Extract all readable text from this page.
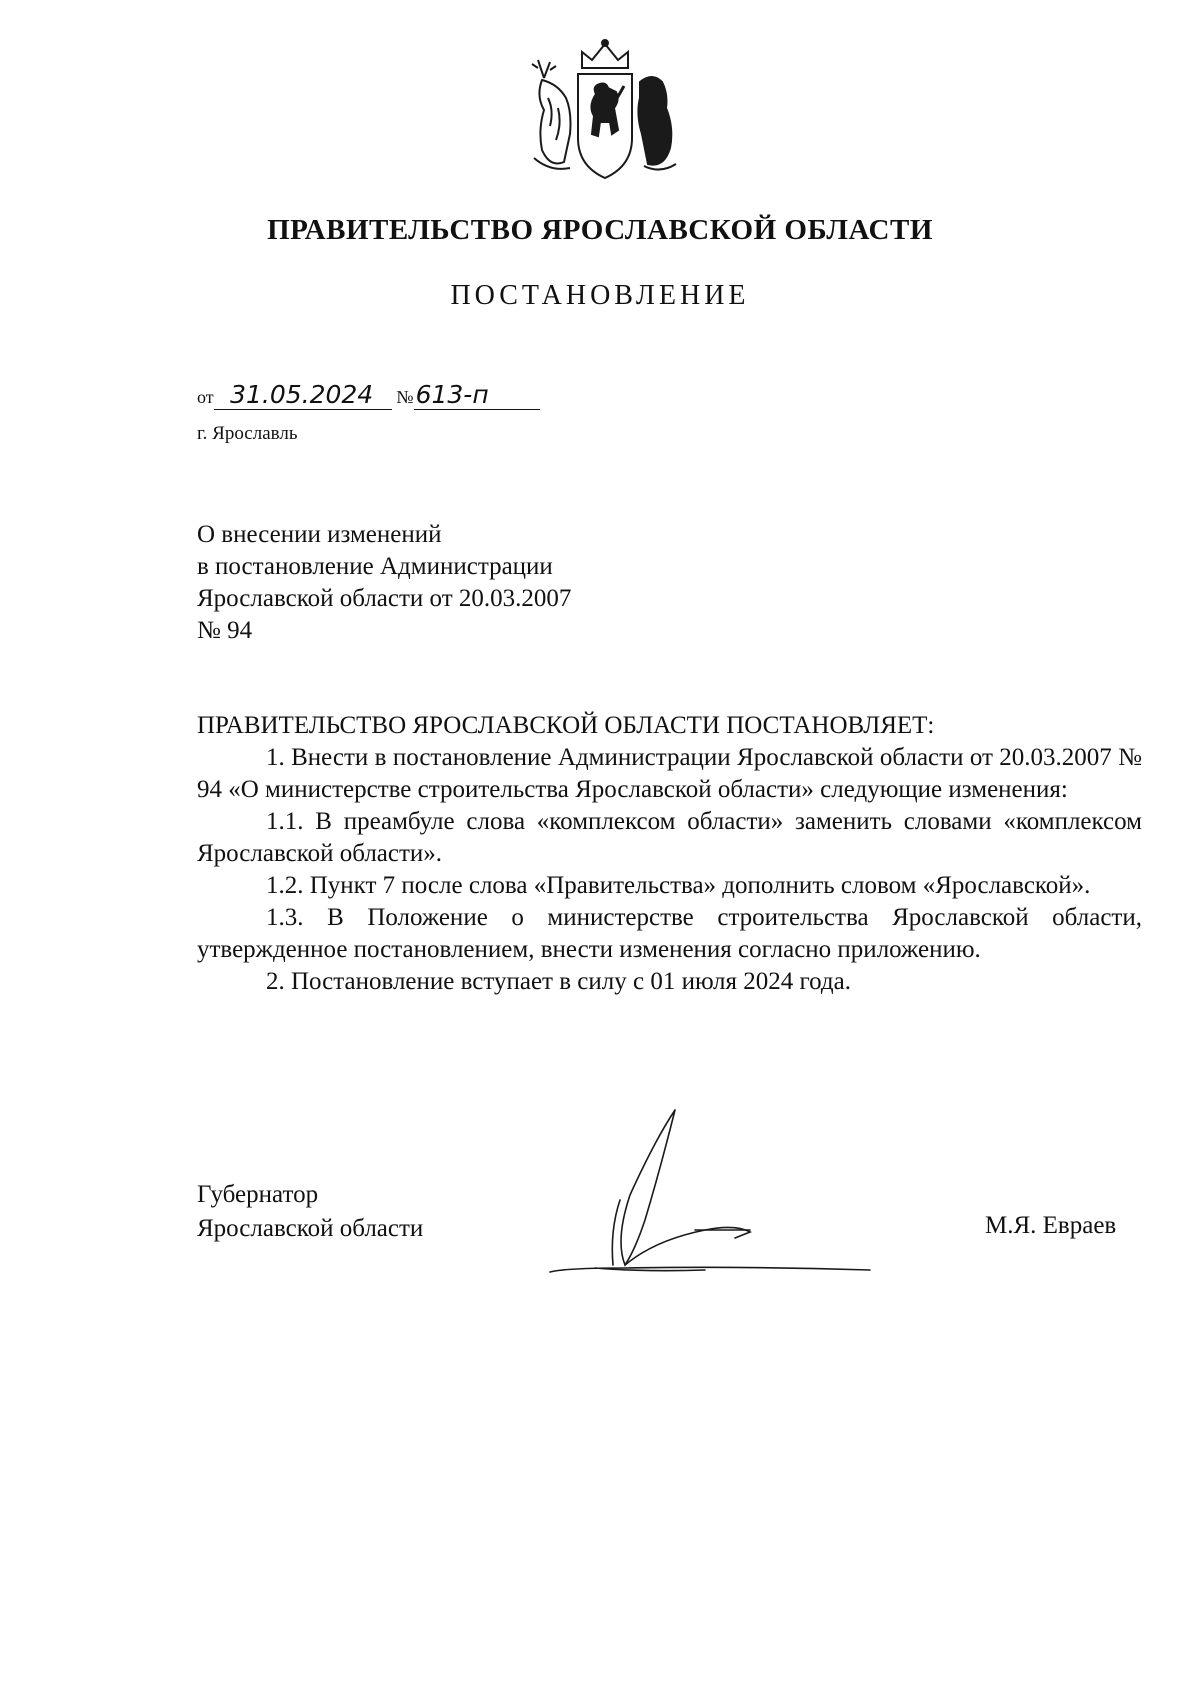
ПРАВИТЕЛЬСТВО ЯРОСЛАВСКОЙ ОБЛАСТИ
ПОСТАНОВЛЕНИЕ
от 31.05.2024 №613-п
г. Ярославль
О внесении изменений
в постановление Администрации
Ярославской области от 20.03.2007
№ 94

ПРАВИТЕЛЬСТВО ЯРОСЛАВСКОЙ ОБЛАСТИ ПОСТАНОВЛЯЕТ:

1. Внести в постановление Администрации Ярославской области от 20.03.2007 № 94 «О министерстве строительства Ярославской области» следующие изменения:

1.1. В преамбуле слова «комплексом области» заменить словами «комплексом Ярославской области».

1.2. Пункт 7 после слова «Правительства» дополнить словом «Ярославской».

1.3. В Положение о министерстве строительства Ярославской области, утвержденное постановлением, внести изменения согласно приложению.

2. Постановление вступает в силу с 01 июля 2024 года.

Губернатор
Ярославской области	М.Я. Евраев
